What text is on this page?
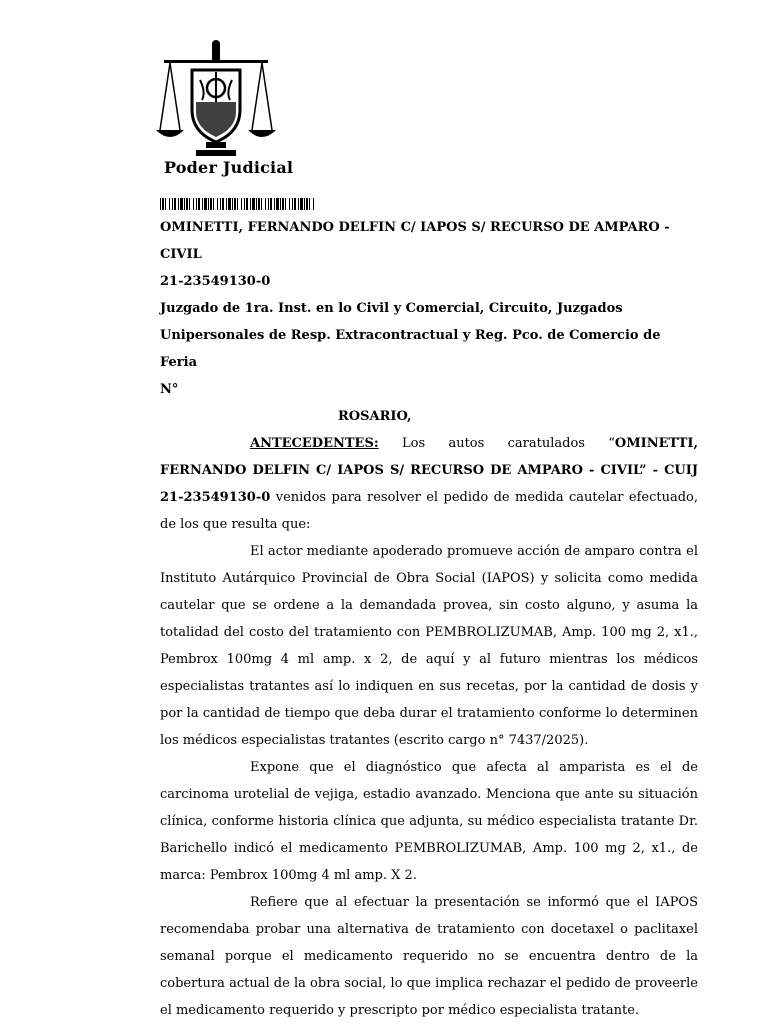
Poder Judicial

OMINETTI, FERNANDO DELFIN C/ IAPOS S/ RECURSO DE AMPARO - CIVIL

21-23549130-0

Juzgado de 1ra. Inst. en lo Civil y Comercial, Circuito, Juzgados Unipersonales de Resp. Extracontractual y Reg. Pco. de Comercio de Feria

N°

ROSARIO,

ANTECEDENTES: Los autos caratulados “OMINETTI, FERNANDO DELFIN C/ IAPOS S/ RECURSO DE AMPARO - CIVIL” - CUIJ 21-23549130-0 venidos para resolver el pedido de medida cautelar efectuado, de los que resulta que:

El actor mediante apoderado promueve acción de amparo contra el Instituto Autárquico Provincial de Obra Social (IAPOS) y solicita como medida cautelar que se ordene a la demandada provea, sin costo alguno, y asuma la totalidad del costo del tratamiento con PEMBROLIZUMAB, Amp. 100 mg 2, x1., Pembrox 100mg 4 ml amp. x 2, de aquí y al futuro mientras los médicos especialistas tratantes así lo indiquen en sus recetas, por la cantidad de dosis y por la cantidad de tiempo que deba durar el tratamiento conforme lo determinen los médicos especialistas tratantes (escrito cargo n° 7437/2025).

Expone que el diagnóstico que afecta al amparista es el de carcinoma urotelial de vejiga, estadio avanzado. Menciona que ante su situación clínica, conforme historia clínica que adjunta, su médico especialista tratante Dr. Barichello indicó el medicamento PEMBROLIZUMAB, Amp. 100 mg 2, x1., de marca: Pembrox 100mg 4 ml amp. X 2.

Refiere que al efectuar la presentación se informó que el IAPOS recomendaba probar una alternativa de tratamiento con docetaxel o paclitaxel semanal porque el medicamento requerido no se encuentra dentro de la cobertura actual de la obra social, lo que implica rechazar el pedido de proveerle el medicamento requerido y prescripto por médico especialista tratante.
